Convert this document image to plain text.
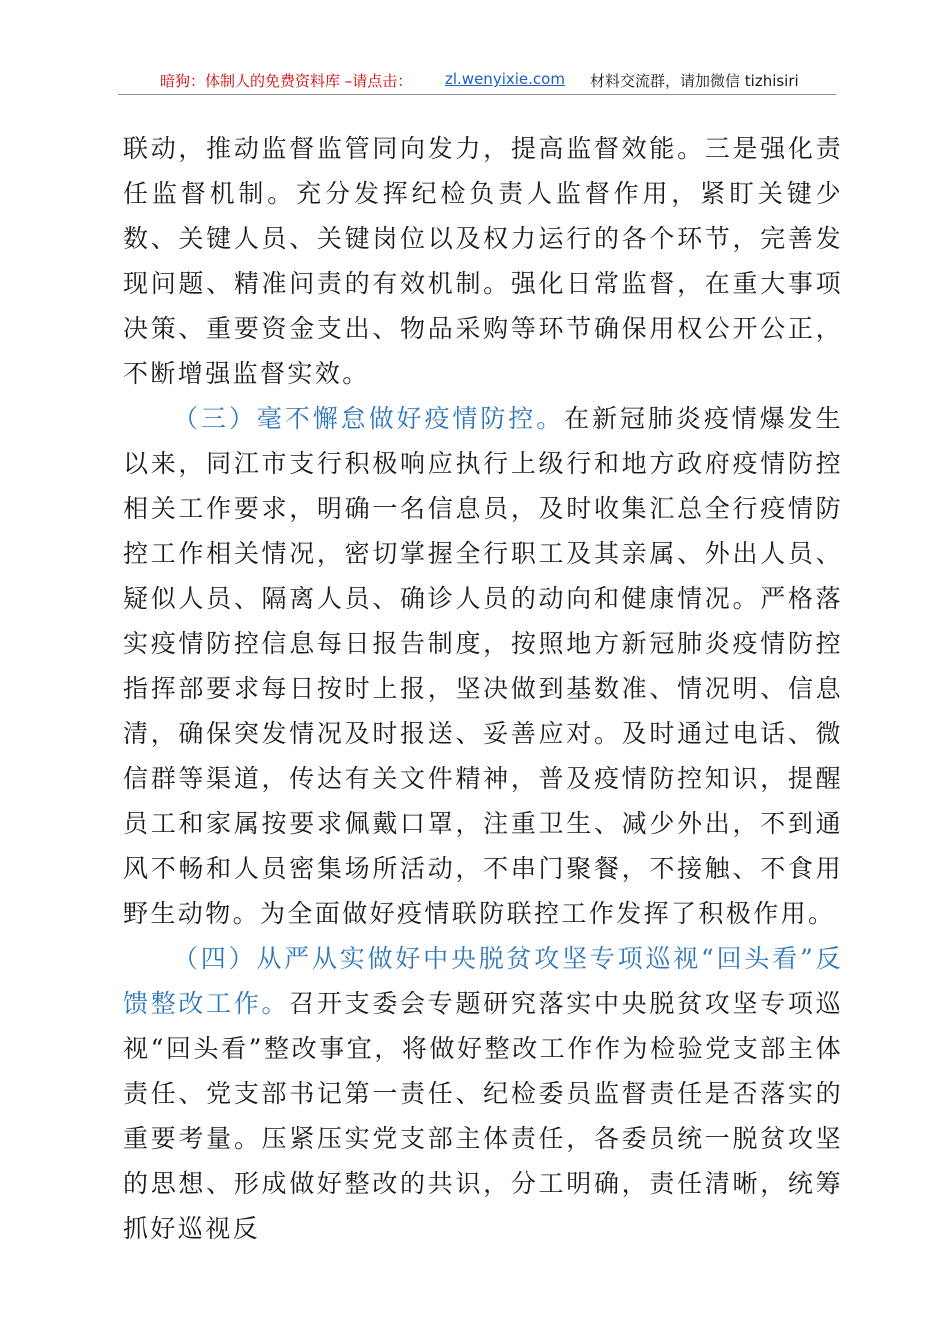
暗狗：体制人的免费资料库 –请点击： zl.wenyixie.com 材料交流群，请加微信 tizhisiri

联动，推动监督监管同向发力，提高监督效能。三是强化责任监督机制。充分发挥纪检负责人监督作用，紧盯关键少数、关键人员、关键岗位以及权力运行的各个环节，完善发现问题、精准问责的有效机制。强化日常监督，在重大事项决策、重要资金支出、物品采购等环节确保用权公开公正，不断增强监督实效。

（三）毫不懈怠做好疫情防控。在新冠肺炎疫情爆发生以来，同江市支行积极响应执行上级行和地方政府疫情防控相关工作要求，明确一名信息员，及时收集汇总全行疫情防控工作相关情况，密切掌握全行职工及其亲属、外出人员、疑似人员、隔离人员、确诊人员的动向和健康情况。严格落实疫情防控信息每日报告制度，按照地方新冠肺炎疫情防控指挥部要求每日按时上报，坚决做到基数准、情况明、信息清，确保突发情况及时报送、妥善应对。及时通过电话、微信群等渠道，传达有关文件精神，普及疫情防控知识，提醒员工和家属按要求佩戴口罩，注重卫生、减少外出，不到通风不畅和人员密集场所活动，不串门聚餐，不接触、不食用野生动物。为全面做好疫情联防联控工作发挥了积极作用。

（四）从严从实做好中央脱贫攻坚专项巡视“回头看”反馈整改工作。召开支委会专题研究落实中央脱贫攻坚专项巡视“回头看”整改事宜，将做好整改工作作为检验党支部主体责任、党支部书记第一责任、纪检委员监督责任是否落实的重要考量。压紧压实党支部主体责任，各委员统一脱贫攻坚的思想、形成做好整改的共识，分工明确，责任清晰，统筹抓好巡视反
